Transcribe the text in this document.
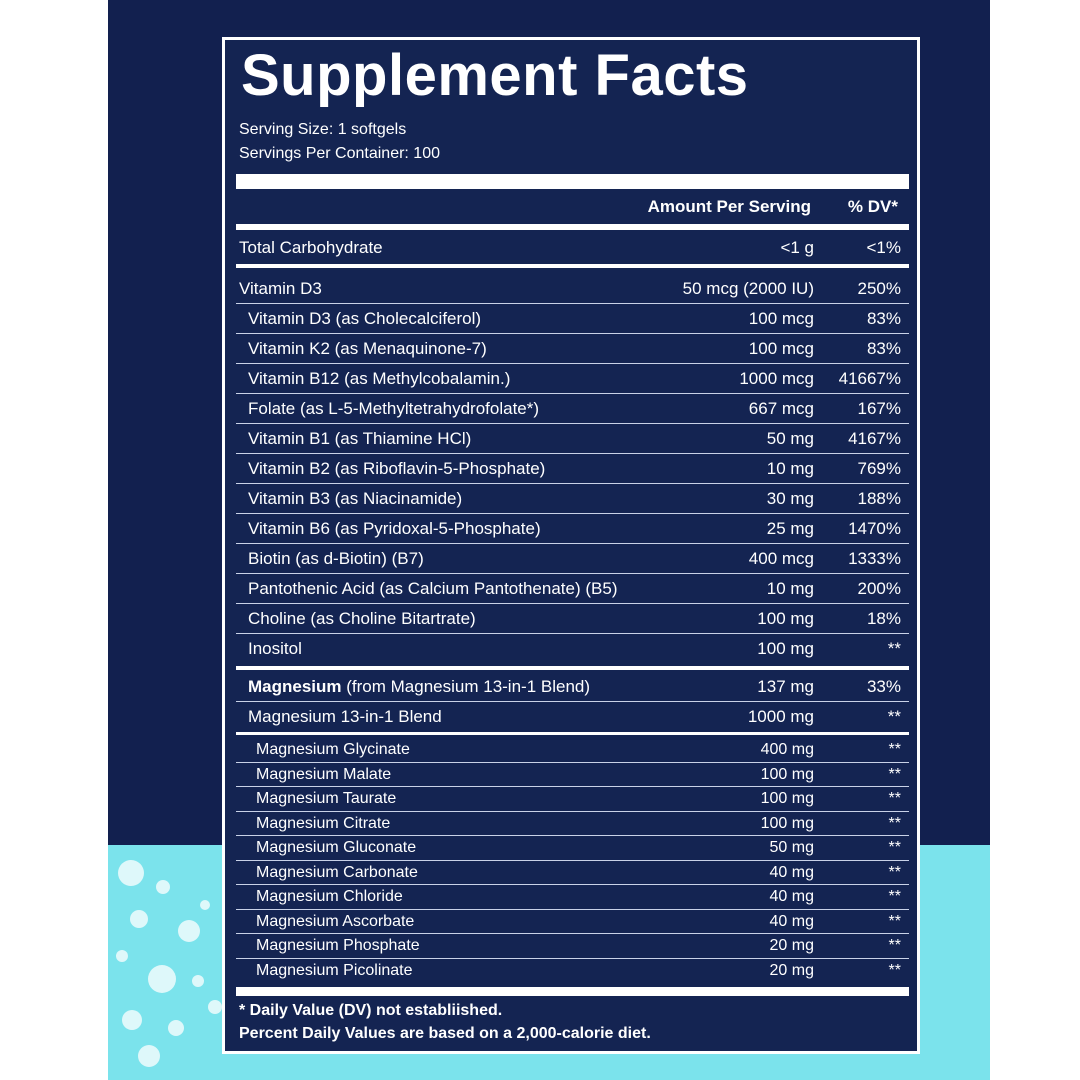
Supplement Facts
Serving Size: 1 softgels
Servings Per Container: 100
Amount Per Serving % DV*
Total Carbohydrate	<1 g	<1%
Vitamin D3	50 mcg (2000 IU)	250%
Vitamin D3 (as Cholecalciferol)	100 mcg	83%
Vitamin K2 (as Menaquinone-7)	100 mcg	83%
Vitamin B12 (as Methylcobalamin.)	1000 mcg 41667%
Folate (as L-5-Methyltetrahydrofolate*)	667 mcg	167%
Vitamin B1 (as Thiamine HCl)	50 mg 4167%
Vitamin B2 (as Riboflavin-5-Phosphate)	10 mg	769%
Vitamin B3 (as Niacinamide)	30 mg	188%
Vitamin B6 (as Pyridoxal-5-Phosphate)	25 mg 1470%
Biotin (as d-Biotin) (B7)	400 mcg 1333%
Pantothenic Acid (as Calcium Pantothenate) (B5)	10 mg	200%
Choline (as Choline Bitartrate)	100 mg	18%
Inositol	100 mg	**
Magnesium (from Magnesium 13-in-1 Blend)	137 mg	33%
Magnesium 13-in-1 Blend	1000 mg	**
Magnesium Glycinate	400 mg	**
Magnesium Malate	100 mg	**
Magnesium Taurate	100 mg	**
Magnesium Citrate	100 mg	**
Magnesium Gluconate	50 mg	**
Magnesium Carbonate	40 mg	**
Magnesium Chloride	40 mg	**
Magnesium Ascorbate	40 mg	**
Magnesium Phosphate	20 mg	**
Magnesium Picolinate	20 mg	**
* Daily Value (DV) not establiished.
Percent Daily Values are based on a 2,000-calorie diet.
